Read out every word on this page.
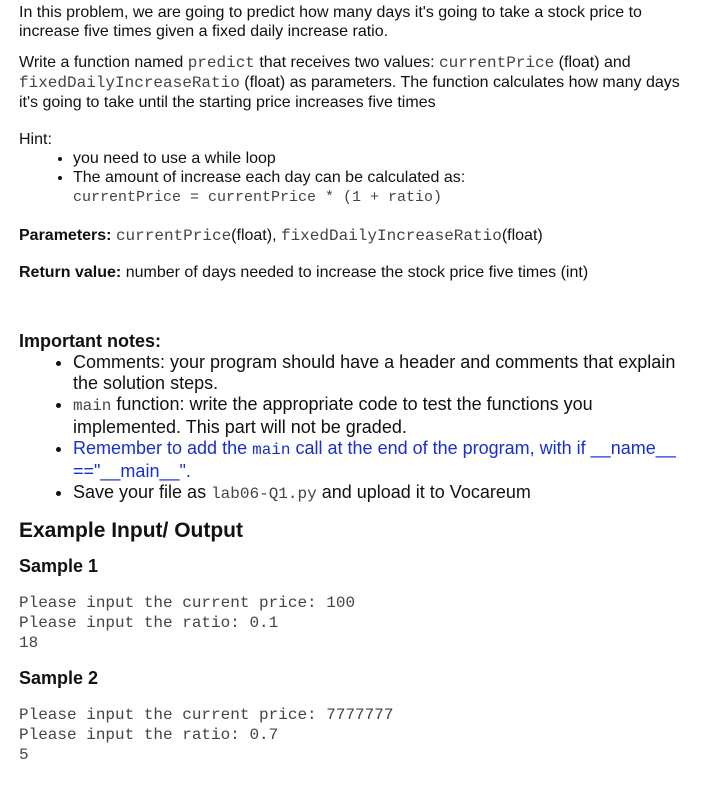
In this problem, we are going to predict how many days it's going to take a stock price to increase five times given a fixed daily increase ratio.

Write a function named predict that receives two values: currentPrice (float) and fixedDailyIncreaseRatio (float) as parameters. The function calculates how many days it's going to take until the starting price increases five times

Hint:

• you need to use a while loop
• The amount of increase each day can be calculated as:
currentPrice = currentPrice * (1 + ratio)

Parameters: currentPrice(float), fixedDailyIncreaseRatio(float)

Return value: number of days needed to increase the stock price five times (int)

Important notes:

• Comments: your program should have a header and comments that explain the solution steps.
• main function: write the appropriate code to test the functions you implemented. This part will not be graded.
• Remember to add the main call at the end of the program, with if __name__ =="__main__".
• Save your file as lab06-Q1.py and upload it to Vocareum

Example Input/ Output

Sample 1

Please input the current price: 100
Please input the ratio: 0.1
18

Sample 2

Please input the current price: 7777777
Please input the ratio: 0.7
5
